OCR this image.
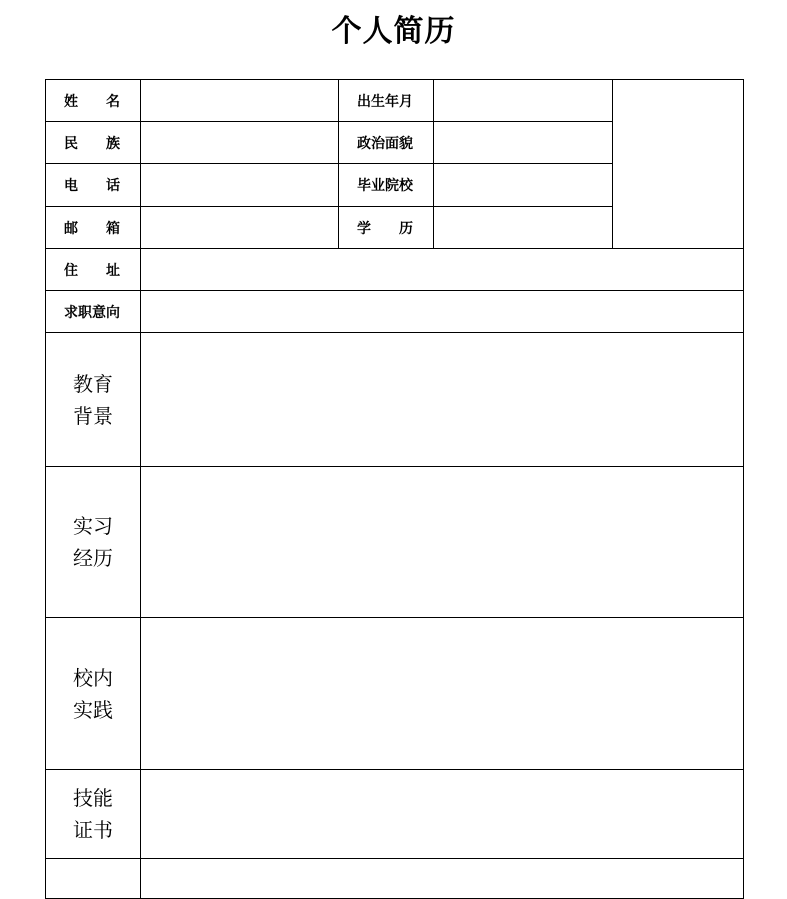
个人简历
姓 名		出生年月		
民 族		政治面貌		
电 话		毕业院校		
邮 箱		学 历		
住 址				
求职意向				

教育
背景				

实习
经历				

校内
实践				

技能
证书				
